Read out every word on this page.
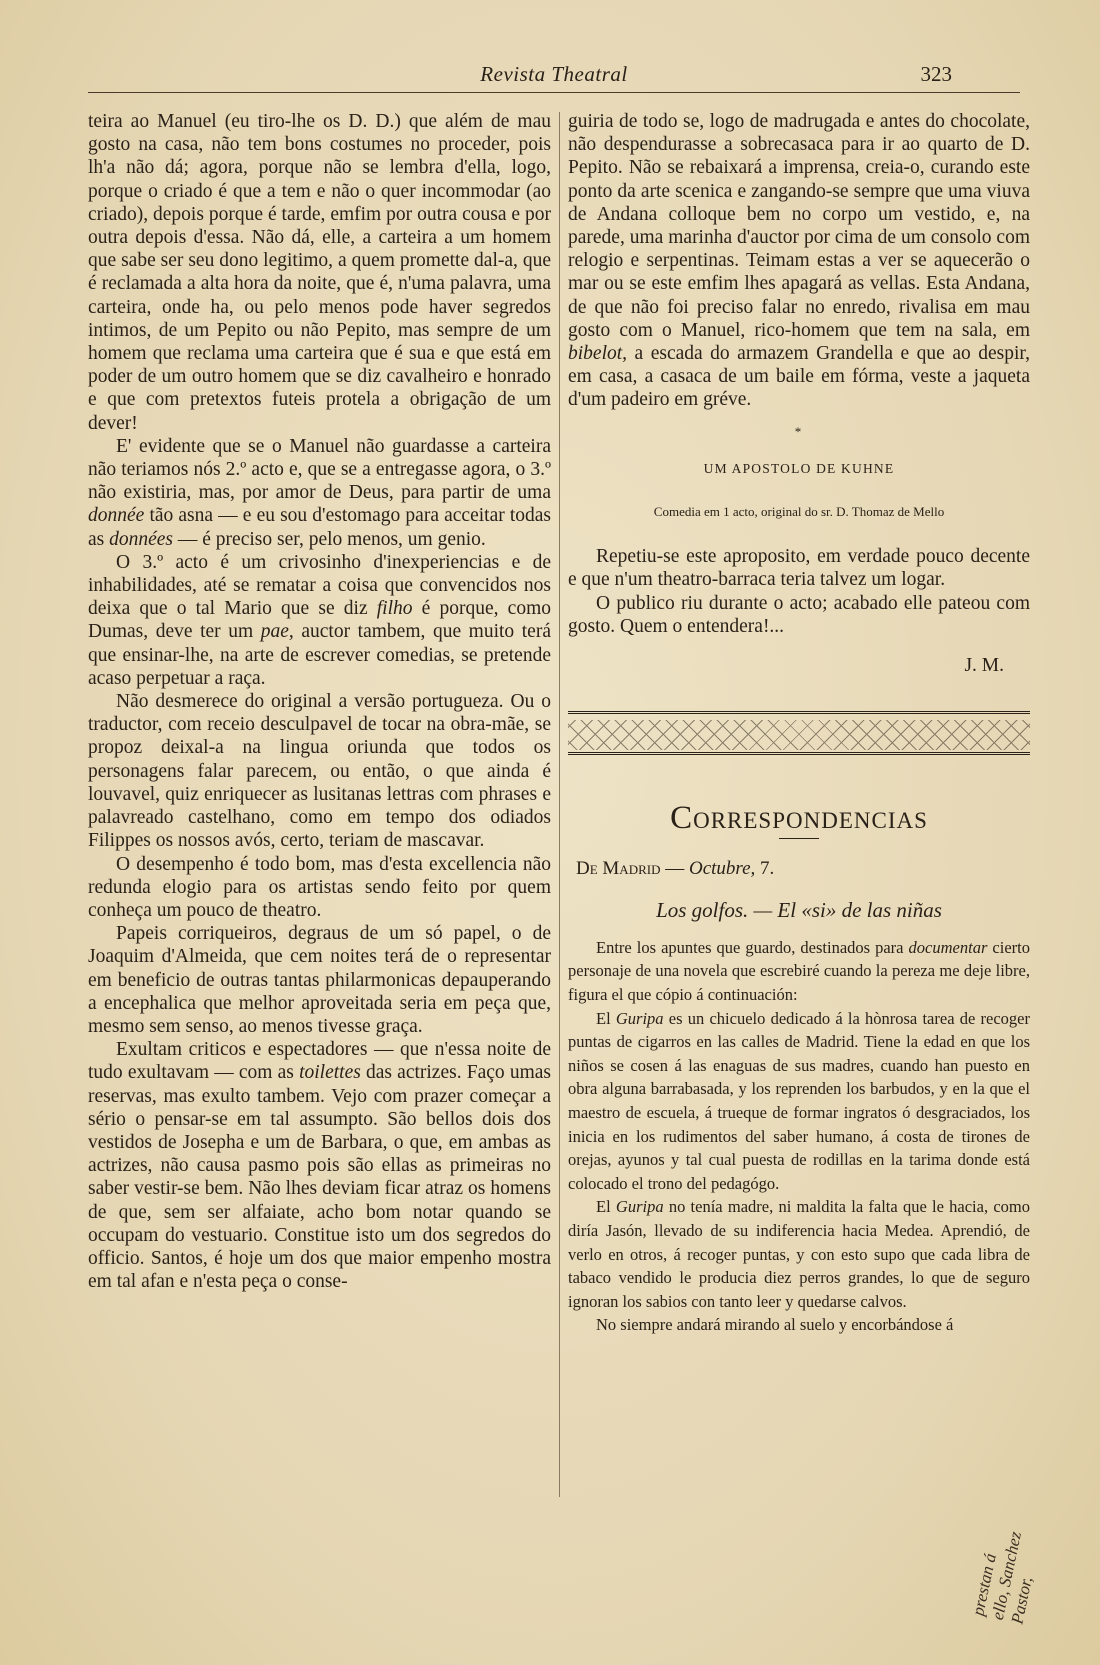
Revista Theatral	323

teira ao Manuel (eu tiro-lhe os D. D.) que além de mau gosto na casa, não tem bons costumes no proceder, pois lh'a não dá; agora, porque não se lembra d'ella, logo, porque o criado é que a tem e não o quer incommodar (ao criado), depois porque é tarde, emfim por outra cousa e por outra depois d'essa. Não dá, elle, a carteira a um homem que sabe ser seu dono legitimo, a quem promette dal-a, que é reclamada a alta hora da noite, que é, n'uma palavra, uma carteira, onde ha, ou pelo menos pode haver segredos intimos, de um Pepito ou não Pepito, mas sempre de um homem que reclama uma carteira que é sua e que está em poder de um outro homem que se diz cavalheiro e honrado e que com pretextos futeis protela a obrigação de um dever!

E' evidente que se o Manuel não guardasse a carteira não teriamos nós 2.º acto e, que se a entregasse agora, o 3.º não existiria, mas, por amor de Deus, para partir de uma donnée tão asna — e eu sou d'estomago para acceitar todas as données — é preciso ser, pelo menos, um genio.

O 3.º acto é um crivosinho d'inexperiencias e de inhabilidades, até se rematar a coisa que convencidos nos deixa que o tal Mario que se diz filho é porque, como Dumas, deve ter um pae, auctor tambem, que muito terá que ensinar-lhe, na arte de escrever comedias, se pretende acaso perpetuar a raça.

Não desmerece do original a versão portugueza. Ou o traductor, com receio desculpavel de tocar na obra-mãe, se propoz deixal-a na lingua oriunda que todos os personagens falar parecem, ou então, o que ainda é louvavel, quiz enriquecer as lusitanas lettras com phrases e palavreado castelhano, como em tempo dos odiados Filippes os nossos avós, certo, teriam de mascavar.

O desempenho é todo bom, mas d'esta excellencia não redunda elogio para os artistas sendo feito por quem conheça um pouco de theatro.

Papeis corriqueiros, degraus de um só papel, o de Joaquim d'Almeida, que cem noites terá de o representar em beneficio de outras tantas philarmonicas depauperando a encephalica que melhor aproveitada seria em peça que, mesmo sem senso, ao menos tivesse graça.

Exultam criticos e espectadores — que n'essa noite de tudo exultavam — com as toilettes das actrizes. Faço umas reservas, mas exulto tambem. Vejo com prazer começar a sério o pensar-se em tal assumpto. São bellos dois dos vestidos de Josepha e um de Barbara, o que, em ambas as actrizes, não causa pasmo pois são ellas as primeiras no saber vestir-se bem. Não lhes deviam ficar atraz os homens de que, sem ser alfaiate, acho bom notar quando se occupam do vestuario. Constitue isto um dos segredos do officio. Santos, é hoje um dos que maior empenho mostra em tal afan e n'esta peça o conse-

guiria de todo se, logo de madrugada e antes do chocolate, não despendurasse a sobrecasaca para ir ao quarto de D. Pepito. Não se rebaixará a imprensa, creia-o, curando este ponto da arte scenica e zangando-se sempre que uma viuva de Andana colloque bem no corpo um vestido, e, na parede, uma marinha d'auctor por cima de um consolo com relogio e serpentinas. Teimam estas a ver se aquecerão o mar ou se este emfim lhes apagará as vellas. Esta Andana, de que não foi preciso falar no enredo, rivalisa em mau gosto com o Manuel, rico-homem que tem na sala, em bibelot, a escada do armazem Grandella e que ao despir, em casa, a casaca de um baile em fórma, veste a jaqueta d'um padeiro em gréve.

*
UM APOSTOLO DE KUHNE
Comedia em 1 acto, original do sr. D. Thomaz de Mello

Repetiu-se este aproposito, em verdade pouco decente e que n'um theatro-barraca teria talvez um logar.

O publico riu durante o acto; acabado elle pateou com gosto. Quem o entendera!...

J. M.
Correspondencias
De Madrid — Octubre, 7.
Los golfos. — El «si» de las niñas

Entre los apuntes que guardo, destinados para documentar cierto personaje de una novela que escrebiré cuando la pereza me deje libre, figura el que cópio á continuación:

El Guripa es un chicuelo dedicado á la hònrosa tarea de recoger puntas de cigarros en las calles de Madrid. Tiene la edad en que los niños se cosen á las enaguas de sus madres, cuando han puesto en obra alguna barrabasada, y los reprenden los barbudos, y en la que el maestro de escuela, á trueque de formar ingratos ó desgraciados, los inicia en los rudimentos del saber humano, á costa de tirones de orejas, ayunos y tal cual puesta de rodillas en la tarima donde está colocado el trono del pedagógo.

El Guripa no tenía madre, ni maldita la falta que le hacia, como diría Jasón, llevado de su indiferencia hacia Medea. Aprendió, de verlo en otros, á recoger puntas, y con esto supo que cada libra de tabaco vendido le producia diez perros grandes, lo que de seguro ignoran los sabios con tanto leer y quedarse calvos.

No siempre andará mirando al suelo y encorbándose á

prestan á ello, Sanchez Pastor,
